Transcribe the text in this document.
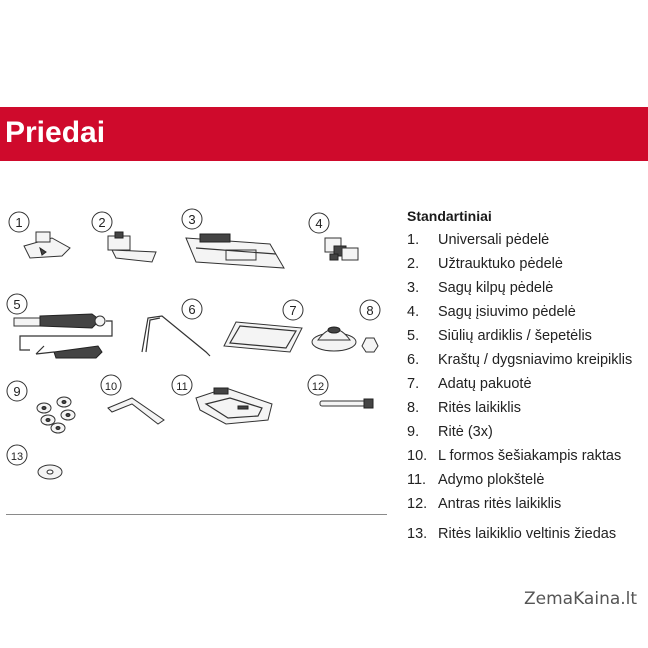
Priedai
1	2	3	4
5	6	7	8
9	10	11	12
13
Standartiniai
1. Universali pėdelė
2. Užtrauktuko pėdelė
3. Sagų kilpų pėdelė
4. Sagų įsiuvimo pėdelė
5. Siūlių ardiklis / šepetėlis
6. Kraštų / dygsniavimo kreipiklis
7. Adatų pakuotė
8. Ritės laikiklis
9. Ritė (3x)
10. L formos šešiakampis raktas
11. Adymo plokštelė
12. Antras ritės laikiklis
13. Ritės laikiklio veltinis žiedas
ZemaKaina.lt
